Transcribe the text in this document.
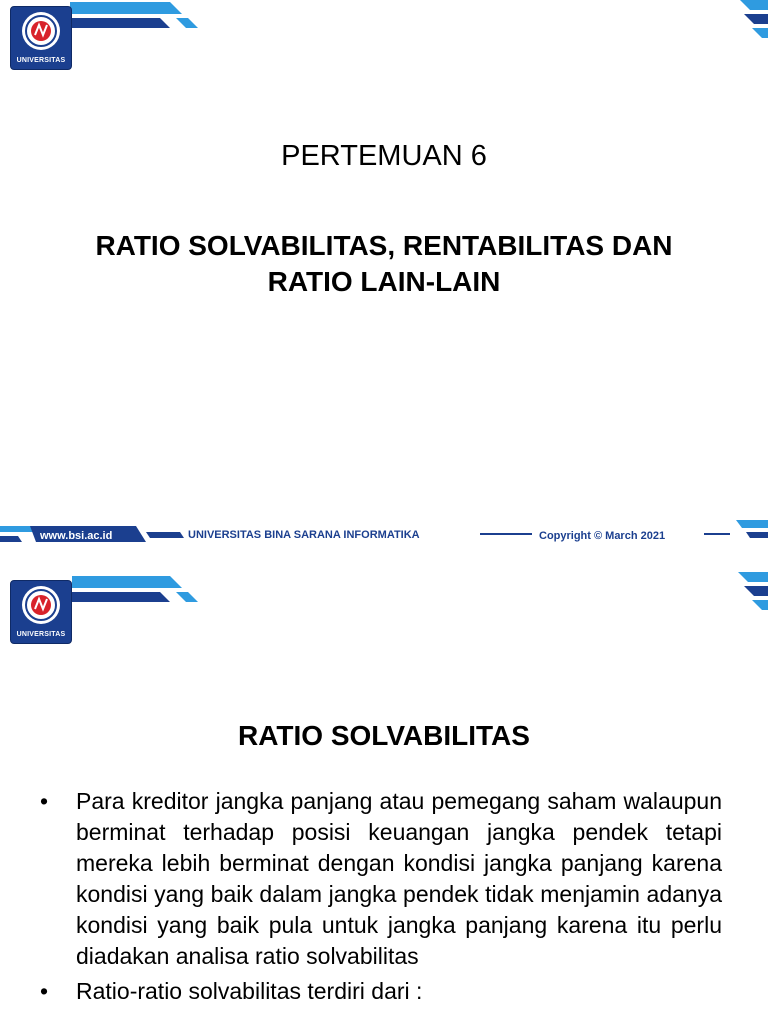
UNIVERSITAS
PERTEMUAN 6
RATIO SOLVABILITAS, RENTABILITAS DAN
RATIO LAIN-LAIN
www.bsi.ac.id	UNIVERSITAS BINA SARANA INFORMATIKA	Copyright © March 2021
UNIVERSITAS
RATIO SOLVABILITAS
• Para kreditor jangka panjang atau pemegang saham walaupun berminat terhadap posisi keuangan jangka pendek tetapi mereka lebih berminat dengan kondisi jangka panjang karena kondisi yang baik dalam jangka pendek tidak menjamin adanya kondisi yang baik pula untuk jangka panjang karena itu perlu diadakan analisa ratio solvabilitas
• Ratio-ratio solvabilitas terdiri dari :
